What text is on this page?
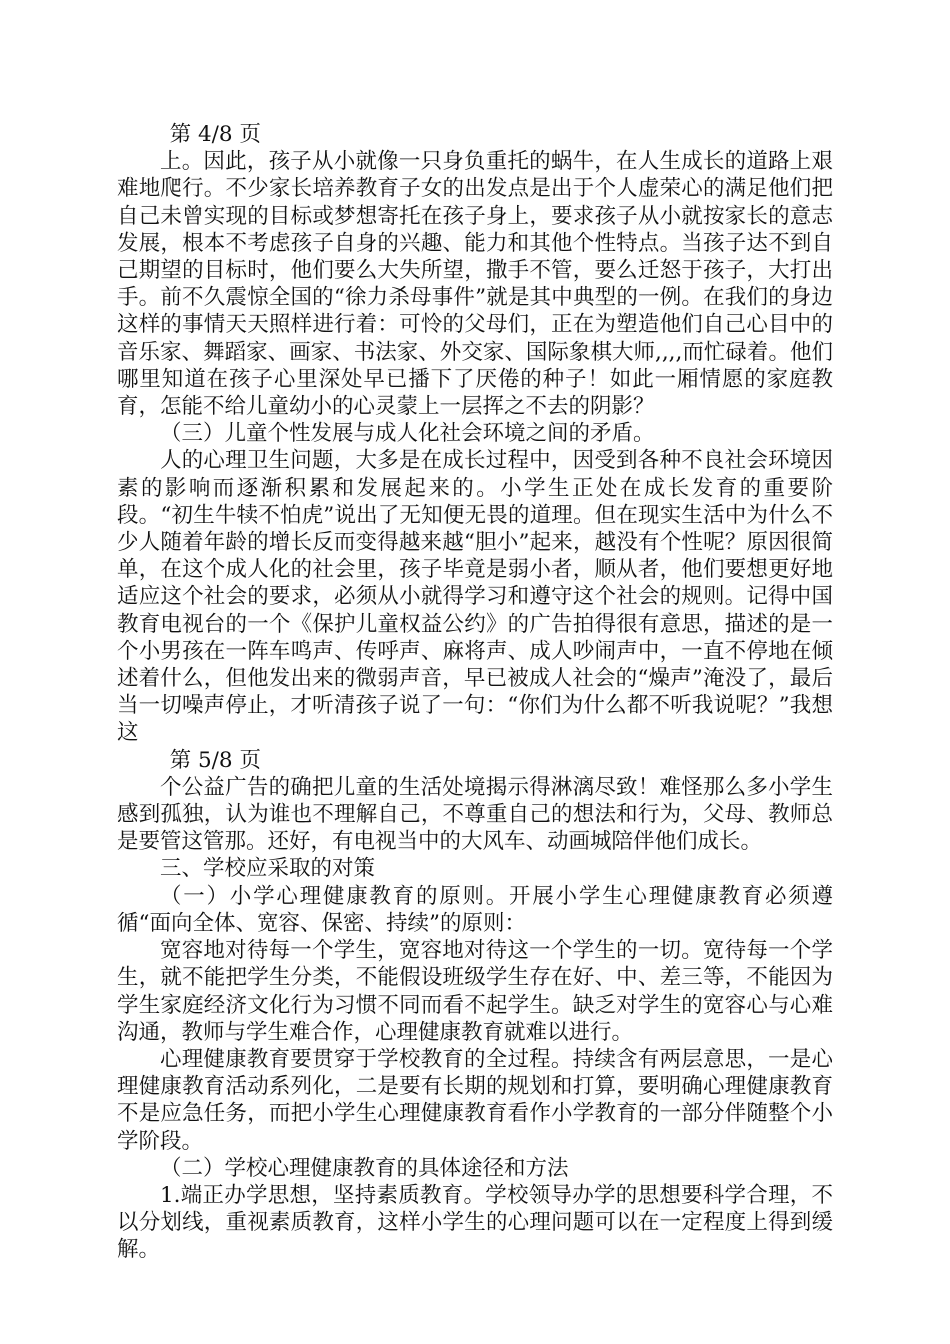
第 4/8 页

上。因此，孩子从小就像一只身负重托的蜗牛，在人生成长的道路上艰难地爬行。不少家长培养教育子女的出发点是出于个人虚荣心的满足他们把自己未曾实现的目标或梦想寄托在孩子身上，要求孩子从小就按家长的意志发展，根本不考虑孩子自身的兴趣、能力和其他个性特点。当孩子达不到自己期望的目标时，他们要么大失所望，撒手不管，要么迁怒于孩子，大打出手。前不久震惊全国的“徐力杀母事件”就是其中典型的一例。在我们的身边这样的事情天天照样进行着：可怜的父母们，正在为塑造他们自己心目中的音乐家、舞蹈家、画家、书法家、外交家、国际象棋大师,,,,而忙碌着。他们哪里知道在孩子心里深处早已播下了厌倦的种子！如此一厢情愿的家庭教育，怎能不给儿童幼小的心灵蒙上一层挥之不去的阴影？

（三）儿童个性发展与成人化社会环境之间的矛盾。

人的心理卫生问题，大多是在成长过程中，因受到各种不良社会环境因素的影响而逐渐积累和发展起来的。小学生正处在成长发育的重要阶段。“初生牛犊不怕虎”说出了无知便无畏的道理。但在现实生活中为什么不少人随着年龄的增长反而变得越来越“胆小”起来，越没有个性呢？原因很简单，在这个成人化的社会里，孩子毕竟是弱小者，顺从者，他们要想更好地适应这个社会的要求，必须从小就得学习和遵守这个社会的规则。记得中国教育电视台的一个《保护儿童权益公约》的广告拍得很有意思，描述的是一个小男孩在一阵车鸣声、传呼声、麻将声、成人吵闹声中，一直不停地在倾述着什么，但他发出来的微弱声音，早已被成人社会的“燥声”淹没了，最后当一切噪声停止，才听清孩子说了一句：“你们为什么都不听我说呢？”我想这

第 5/8 页

个公益广告的确把儿童的生活处境揭示得淋漓尽致！难怪那么多小学生感到孤独，认为谁也不理解自己，不尊重自己的想法和行为，父母、教师总是要管这管那。还好，有电视当中的大风车、动画城陪伴他们成长。

三、学校应采取的对策

（一）小学心理健康教育的原则。开展小学生心理健康教育必须遵循“面向全体、宽容、保密、持续”的原则：

宽容地对待每一个学生，宽容地对待这一个学生的一切。宽待每一个学生，就不能把学生分类，不能假设班级学生存在好、中、差三等，不能因为学生家庭经济文化行为习惯不同而看不起学生。缺乏对学生的宽容心与心难沟通，教师与学生难合作，心理健康教育就难以进行。

心理健康教育要贯穿于学校教育的全过程。持续含有两层意思，一是心理健康教育活动系列化，二是要有长期的规划和打算，要明确心理健康教育不是应急任务，而把小学生心理健康教育看作小学教育的一部分伴随整个小学阶段。

（二）学校心理健康教育的具体途径和方法

1.端正办学思想，坚持素质教育。学校领导办学的思想要科学合理，不以分划线，重视素质教育，这样小学生的心理问题可以在一定程度上得到缓解。
